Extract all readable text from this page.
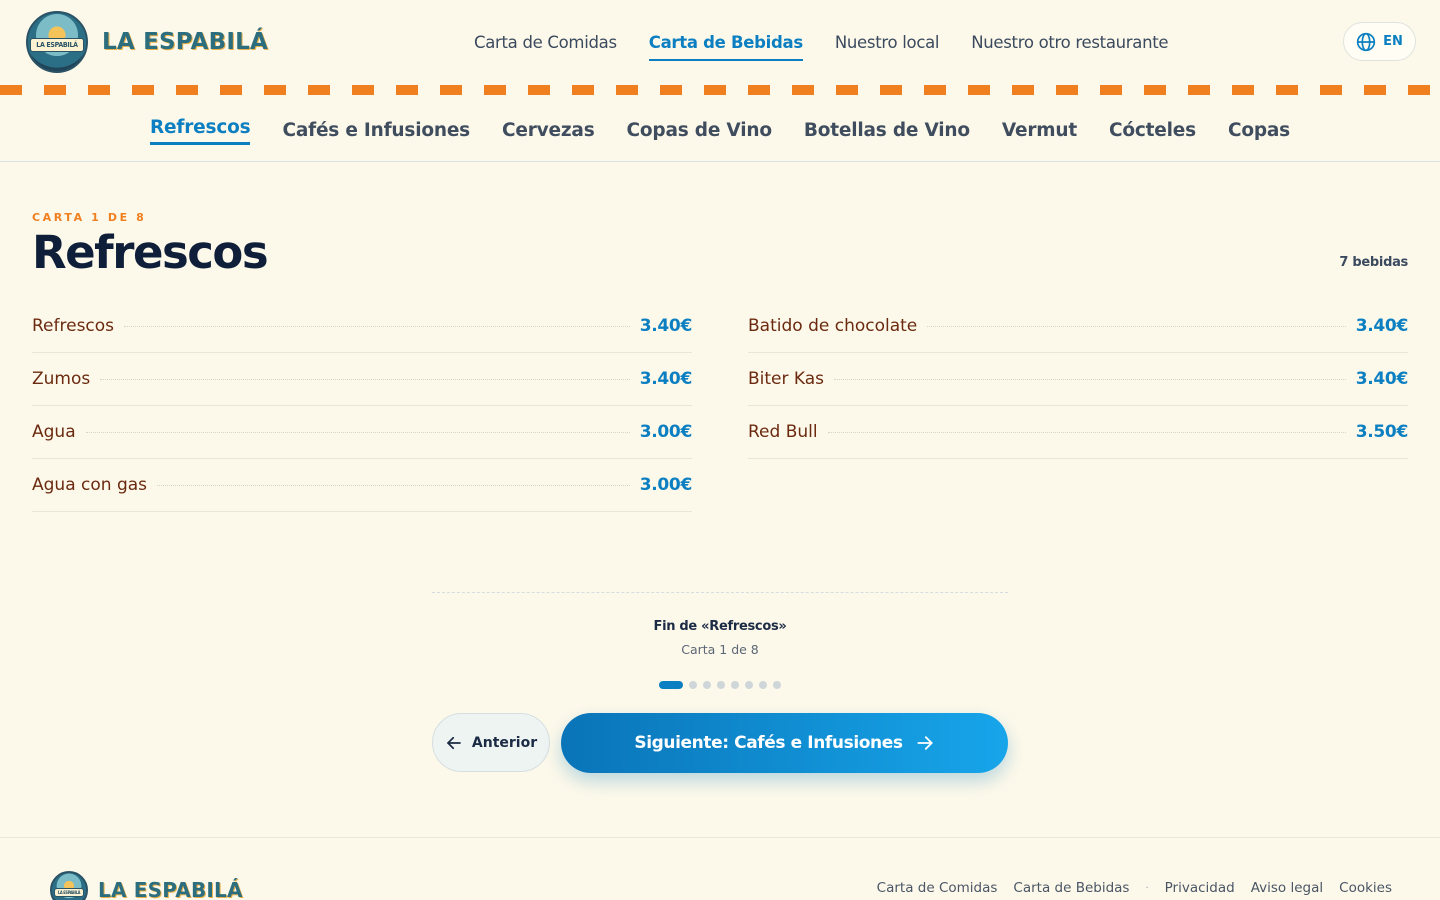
LA ESPABILÁ LA ESPABILÁ	Carta de Comidas Carta de Bebidas Nuestro local Nuestro otro restaurante	EN
Refrescos Cafés e Infusiones Cervezas Copas de Vino Botellas de Vino Vermut Cócteles Copas
CARTA 1 DE 8
Refrescos	7 bebidas
Refrescos	3.40€
Zumos	3.40€
Agua	3.00€
Agua con gas	3.00€
Batido de chocolate	3.40€
Biter Kas	3.40€
Red Bull	3.50€
Fin de «Refrescos»
Carta 1 de 8
Anterior	Siguiente: Cafés e Infusiones
LA ESPABILÁ LA ESPABILÁ	Carta de Comidas Carta de Bebidas · Privacidad Aviso legal Cookies
